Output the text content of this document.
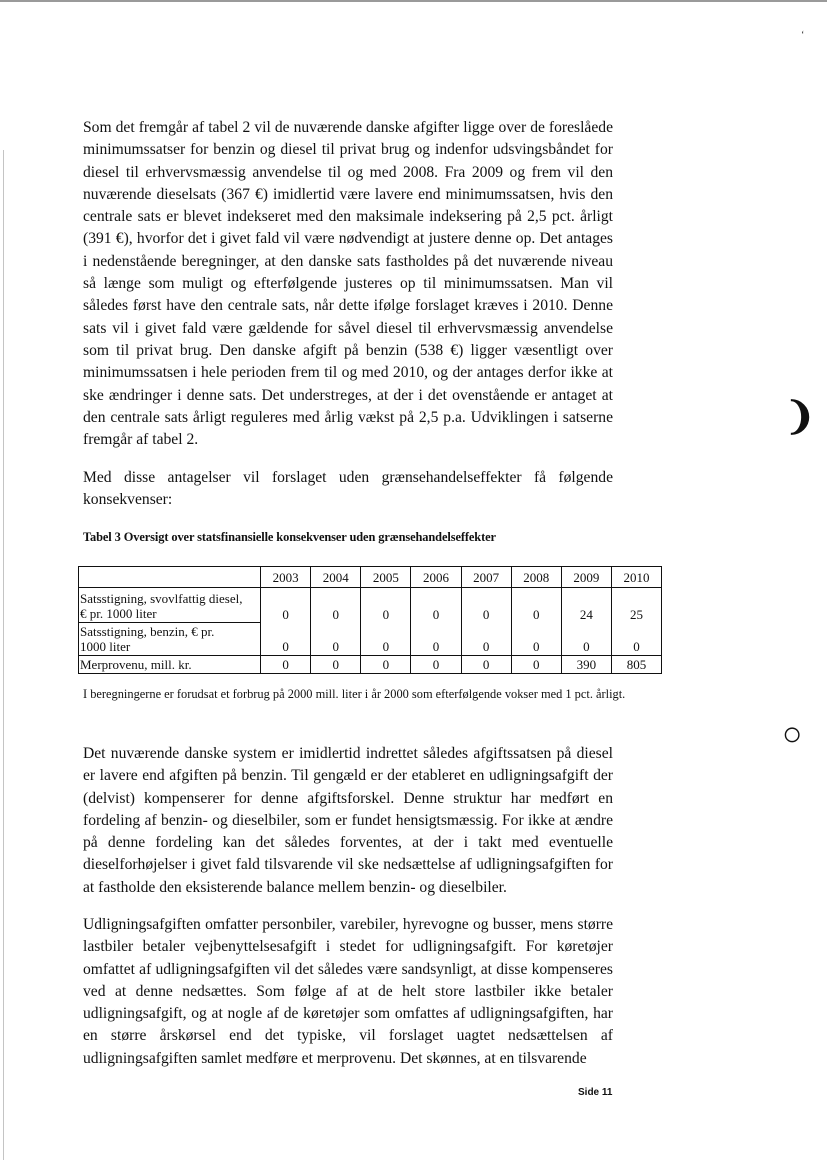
‘
❩
○

Som det fremgår af tabel 2 vil de nuværende danske afgifter ligge over de foreslåede minimumssatser for benzin og diesel til privat brug og indenfor udsvingsbåndet for diesel til erhvervsmæssig anvendelse til og med 2008. Fra 2009 og frem vil den nuværende dieselsats (367 €) imidlertid være lavere end minimumssatsen, hvis den centrale sats er blevet indekseret med den maksimale indeksering på 2,5 pct. årligt (391 €), hvorfor det i givet fald vil være nødvendigt at justere denne op. Det antages i nedenstående beregninger, at den danske sats fastholdes på det nuværende niveau så længe som muligt og efterfølgende justeres op til minimumssatsen. Man vil således først have den centrale sats, når dette ifølge forslaget kræves i 2010. Denne sats vil i givet fald være gældende for såvel diesel til erhvervsmæssig anvendelse som til privat brug. Den danske afgift på benzin (538 €) ligger væsentligt over minimumssatsen i hele perioden frem til og med 2010, og der antages derfor ikke at ske ændringer i denne sats. Det understreges, at der i det ovenstående er antaget at den centrale sats årligt reguleres med årlig vækst på 2,5 p.a. Udviklingen i satserne fremgår af tabel 2.

Med disse antagelser vil forslaget uden grænsehandelseffekter få følgende konsekvenser:

Tabel 3 Oversigt over statsfinansielle konsekvenser uden grænsehandelseffekter
	2003	2004	2005	2006	2007	2008	2009	2010
Satsstigning, svovlfattig diesel,
€ pr. 1000 liter	0	0	0	0	0	0	24	25
Satsstigning, benzin, € pr.
1000 liter	0	0	0	0	0	0	0	0
Merprovenu, mill. kr.	0	0	0	0	0	0	390	805
I beregningerne er forudsat et forbrug på 2000 mill. liter i år 2000 som efterfølgende vokser med 1 pct. årligt.

Det nuværende danske system er imidlertid indrettet således afgiftssatsen på diesel er lavere end afgiften på benzin. Til gengæld er der etableret en udligningsafgift der (delvist) kompenserer for denne afgiftsforskel. Denne struktur har medført en fordeling af benzin- og dieselbiler, som er fundet hensigtsmæssig. For ikke at ændre på denne fordeling kan det således forventes, at der i takt med eventuelle dieselforhøjelser i givet fald tilsvarende vil ske nedsættelse af udligningsafgiften for at fastholde den eksisterende balance mellem benzin- og dieselbiler.

Udligningsafgiften omfatter personbiler, varebiler, hyrevogne og busser, mens større lastbiler betaler vejbenyttelsesafgift i stedet for udligningsafgift. For køretøjer omfattet af udligningsafgiften vil det således være sandsynligt, at disse kompenseres ved at denne nedsættes. Som følge af at de helt store lastbiler ikke betaler udligningsafgift, og at nogle af de køretøjer som omfattes af udligningsafgiften, har en større årskørsel end det typiske, vil forslaget uagtet nedsættelsen af udligningsafgiften samlet medføre et merprovenu. Det skønnes, at en tilsvarende

Side 11
